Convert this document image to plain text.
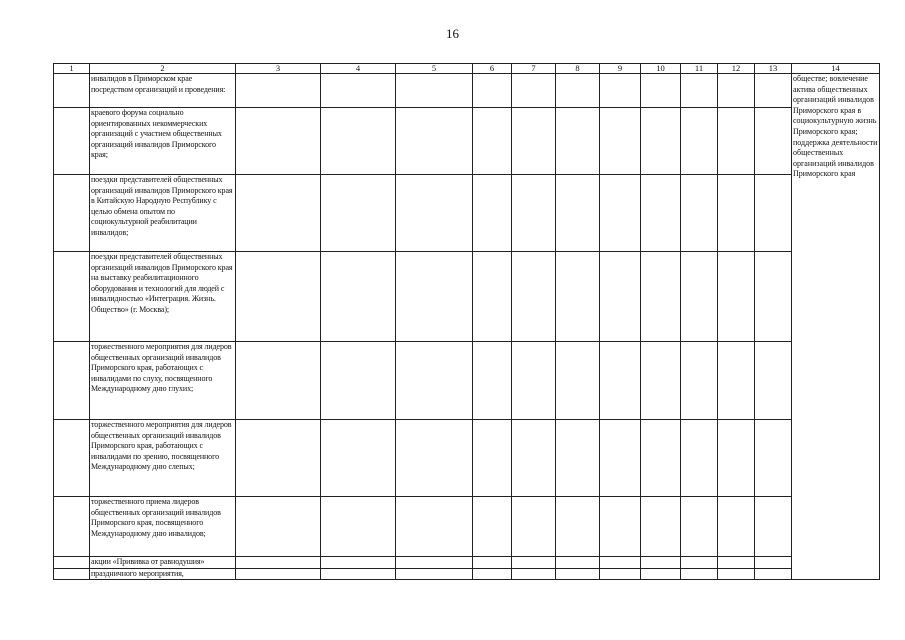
16
1	2	3	4	5	6	7	8	9	10	11	12	13	14
	инвалидов в Приморском крае посредством организаций и проведения:												обществе; вовлечение актива общественных организаций инвалидов Приморского края в социокультурную жизнь Приморского края; поддержка деятельности общественных организаций инвалидов Приморского края
	краевого форума социально ориентированных некоммерческих организаций с участием общественных организаций инвалидов Приморского края;												
	поездки представителей общественных организаций инвалидов Приморского края в Китайскую Народную Республику с целью обмена опытом по социокультурной реабилитации инвалидов;												
	поездки представителей общественных организаций инвалидов Приморского края на выставку реабилитационного оборудования и технологий для людей с инвалидностью «Интеграция. Жизнь. Общество» (г. Москва);												
	торжественного мероприятия для лидеров общественных организаций инвалидов Приморского края, работающих с инвалидами по слуху, посвященного Международному дню глухих;												
	торжественного мероприятия для лидеров общественных организаций инвалидов Приморского края, работающих с инвалидами по зрению, посвященного Международному дню слепых;												
	торжественного приема лидеров общественных организаций инвалидов Приморского края, посвященного Международному дню инвалидов;												
	акции «Прививка от равнодушия»												
	праздничного мероприятия,												
